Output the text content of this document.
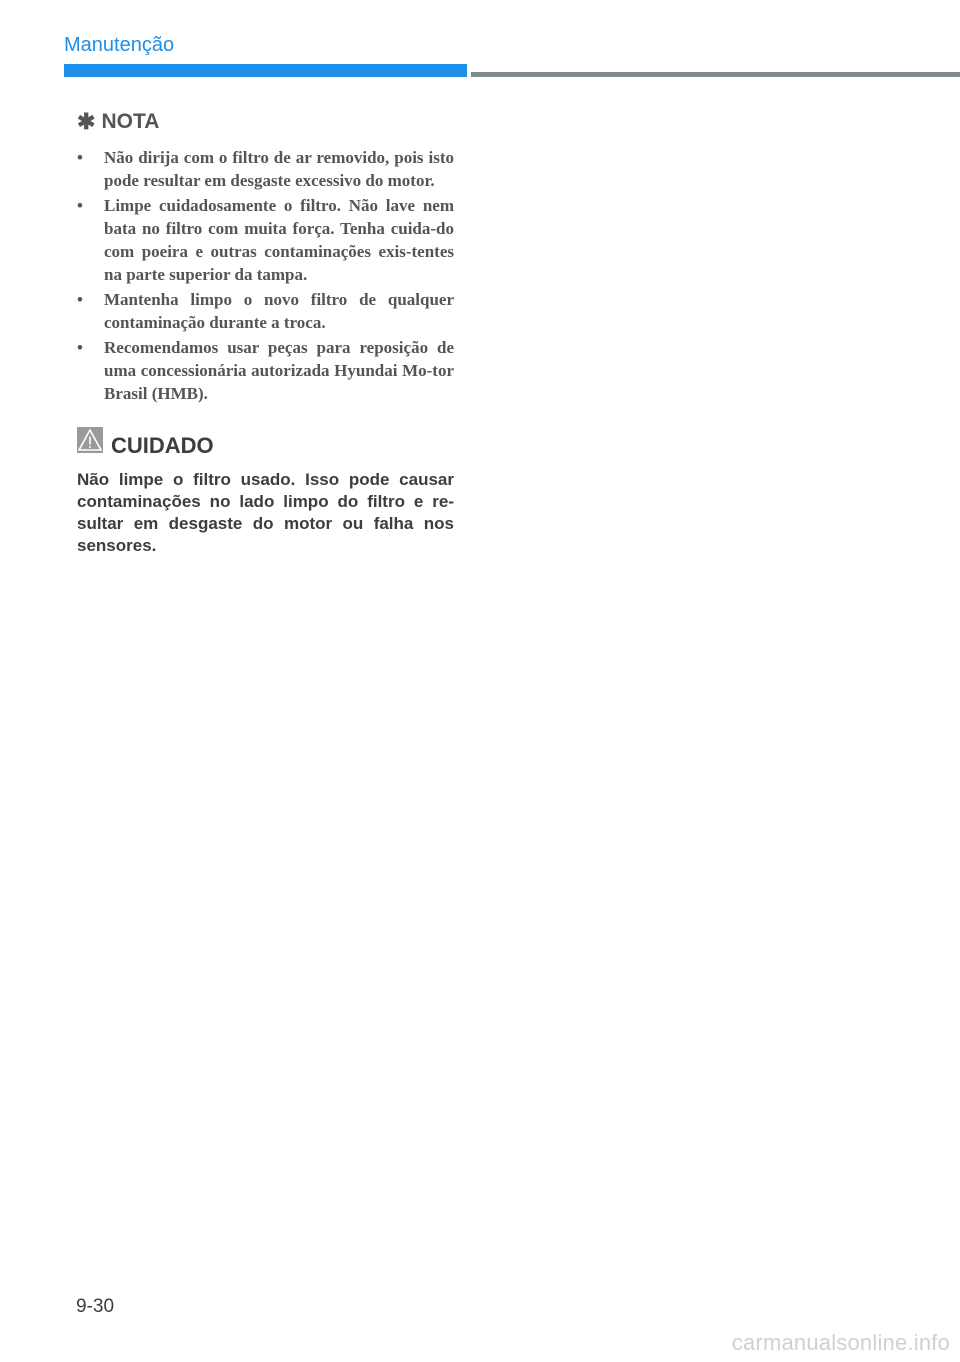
Manutenção
✱ NOTA
• Não dirija com o filtro de ar removido, pois isto pode resultar em desgaste excessivo do motor.
• Limpe cuidadosamente o filtro. Não lave nem bata no filtro com muita força. Tenha cuida-do com poeira e outras contaminações exis-tentes na parte superior da tampa.
• Mantenha limpo o novo filtro de qualquer contaminação durante a troca.
• Recomendamos usar peças para reposição de uma concessionária autorizada Hyundai Mo-tor Brasil (HMB).
CUIDADO
Não limpe o filtro usado. Isso pode causar contaminações no lado limpo do filtro e re-sultar em desgaste do motor ou falha nos sensores.
9-30
carmanualsonline.info
